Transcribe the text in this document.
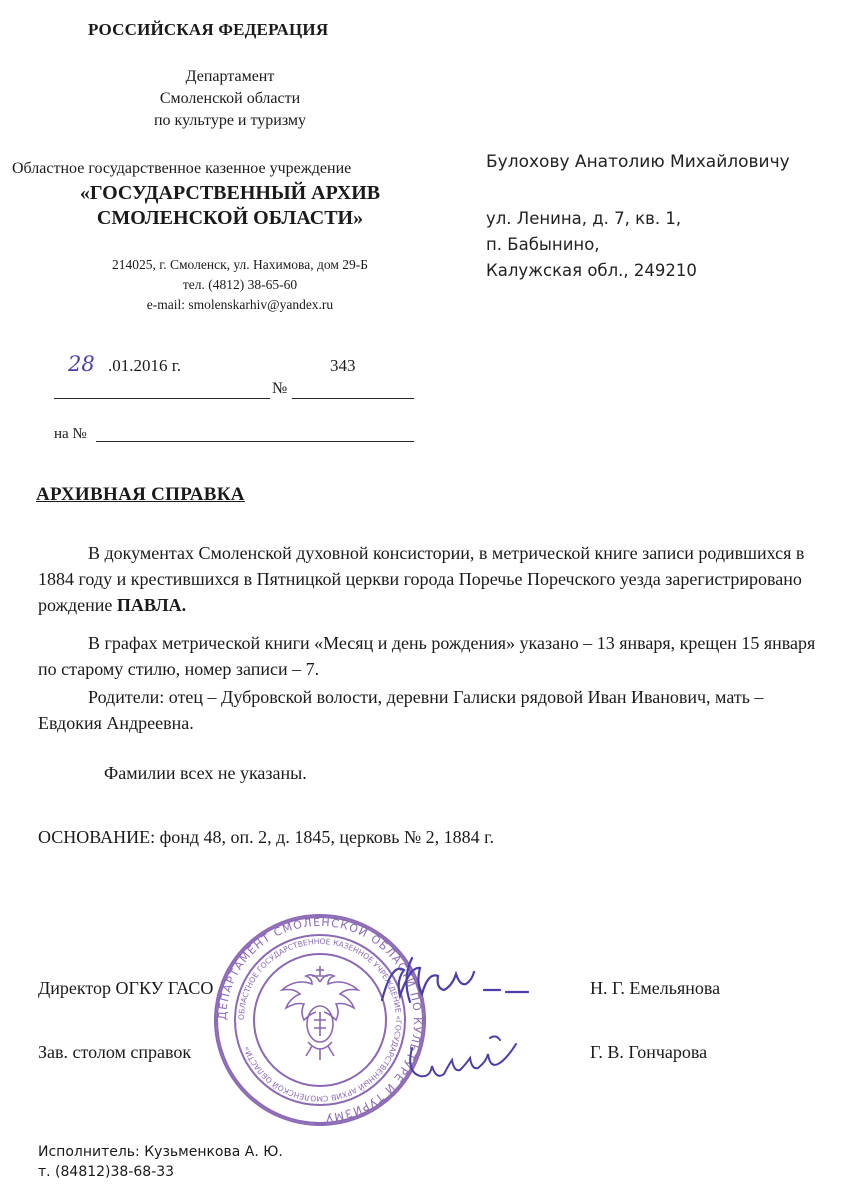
РОССИЙСКАЯ ФЕДЕРАЦИЯ
Департамент
Смоленской области
по культуре и туризму
Областное государственное казенное учреждение
«ГОСУДАРСТВЕННЫЙ АРХИВ
СМОЛЕНСКОЙ ОБЛАСТИ»
214025, г. Смоленск, ул. Нахимова, дом 29-Б
тел. (4812) 38-65-60
e-mail: smolenskarhiv@yandex.ru
Булохову Анатолию Михайловичу
ул. Ленина, д. 7, кв. 1,
п. Бабынино,
Калужская обл., 249210
28 .01.2016 г.	343
№
на №
АРХИВНАЯ СПРАВКА
В документах Смоленской духовной консистории, в метрической книге записи родившихся в 1884 году и крестившихся в Пятницкой церкви города Поречье Поречского уезда зарегистрировано рождение ПАВЛА.
В графах метрической книги «Месяц и день рождения» указано – 13 января, крещен 15 января по старому стилю, номер записи – 7.
Родители: отец – Дубровской волости, деревни Галиски рядовой Иван Иванович, мать – Евдокия Андреевна.
Фамилии всех не указаны.
ОСНОВАНИЕ: фонд 48, оп. 2, д. 1845, церковь № 2, 1884 г.
ДЕПАРТАМЕНТ СМОЛЕНСКОЙ ОБЛАСТИ ПО КУЛЬТУРЕ И ТУРИЗМУ
ОБЛАСТНОЕ ГОСУДАРСТВЕННОЕ КАЗЕННОЕ УЧРЕЖДЕНИЕ «ГОСУДАРСТВЕННЫЙ АРХИВ СМОЛЕНСКОЙ ОБЛАСТИ»
Директор ОГКУ ГАСО	Н. Г. Емельянова
Зав. столом справок	Г. В. Гончарова
Исполнитель: Кузьменкова А. Ю.
т. (84812)38-68-33
